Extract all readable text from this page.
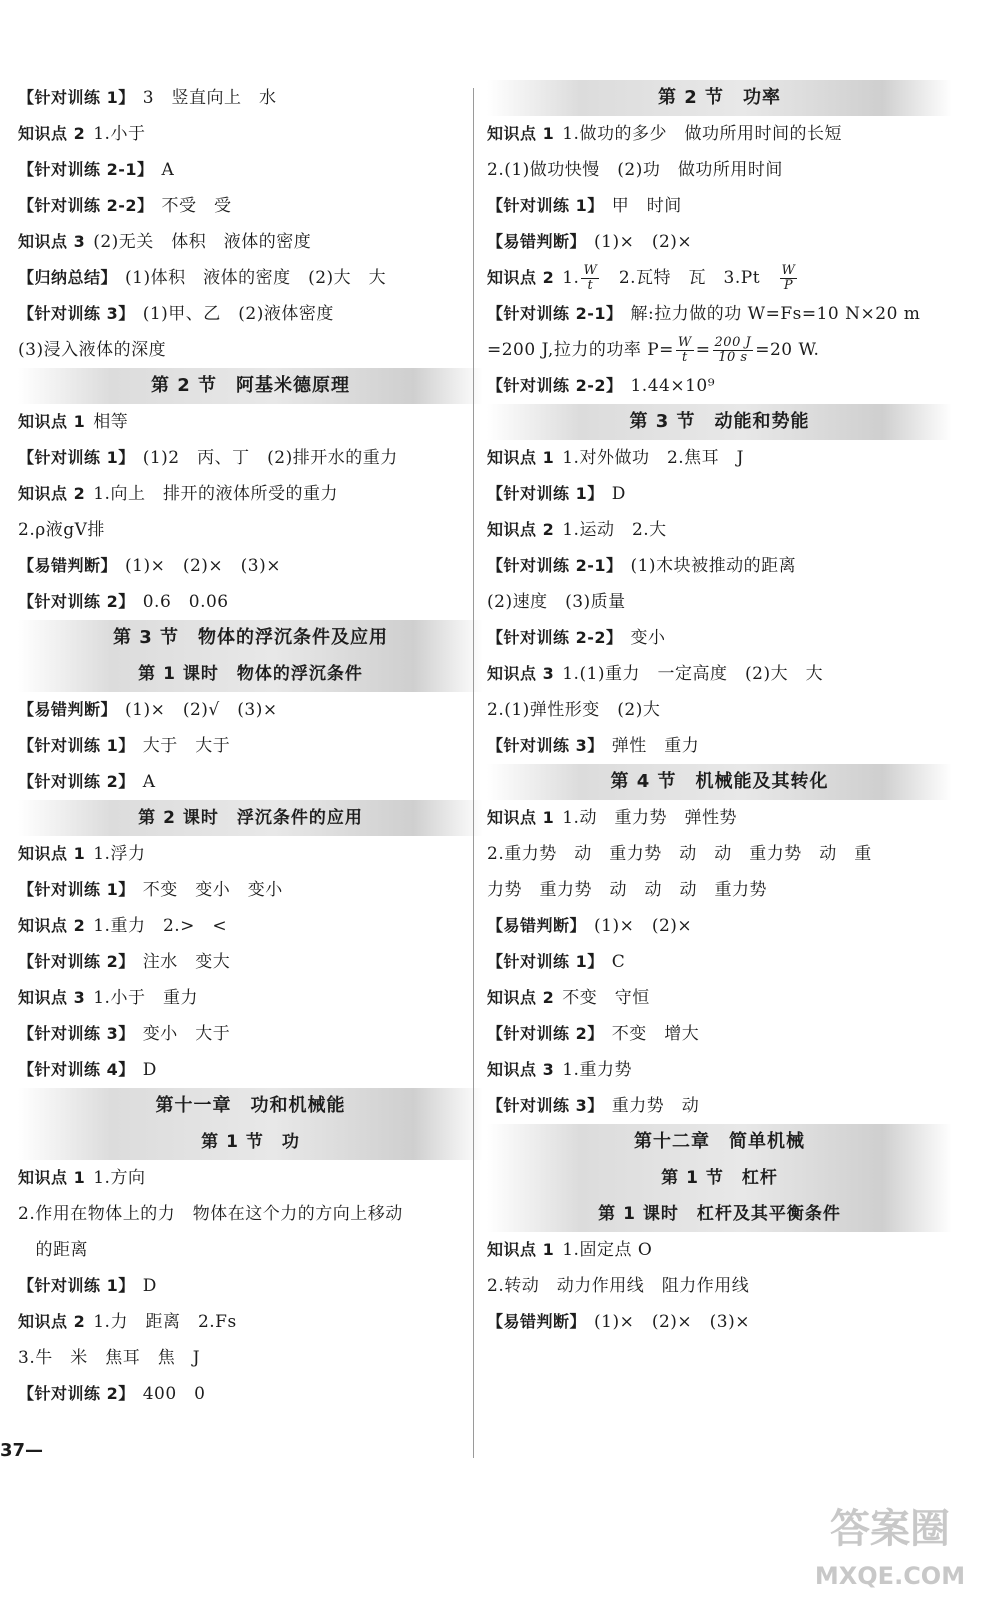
【针对训练 1】 3　竖直向上　水
知识点 2 1.小于
【针对训练 2-1】 A
【针对训练 2-2】 不受　受
知识点 3 (2)无关　体积　液体的密度
【归纳总结】 (1)体积　液体的密度　(2)大　大
【针对训练 3】 (1)甲、乙　(2)液体密度
(3)浸入液体的深度
第 2 节　阿基米德原理
知识点 1 相等
【针对训练 1】 (1)2　丙、丁　(2)排开水的重力
知识点 2 1.向上　排开的液体所受的重力
2.ρ液gV排
【易错判断】 (1)×　(2)×　(3)×
【针对训练 2】 0.6　0.06
第 3 节　物体的浮沉条件及应用
第 1 课时　物体的浮沉条件
【易错判断】 (1)×　(2)√　(3)×
【针对训练 1】 大于　大于
【针对训练 2】 A
第 2 课时　浮沉条件的应用
知识点 1 1.浮力
【针对训练 1】 不变　变小　变小
知识点 2 1.重力　2.>　<
【针对训练 2】 注水　变大
知识点 3 1.小于　重力
【针对训练 3】 变小　大于
【针对训练 4】 D
第十一章　功和机械能
第 1 节　功
知识点 1 1.方向
2.作用在物体上的力　物体在这个力的方向上移动
　的距离
【针对训练 1】 D
知识点 2 1.力　距离　2.Fs
3.牛　米　焦耳　焦　J
【针对训练 2】 400　0
第 2 节　功率
知识点 1 1.做功的多少　做功所用时间的长短
2.(1)做功快慢　(2)功　做功所用时间
【针对训练 1】 甲　时间
【易错判断】 (1)×　(2)×
知识点 2 1. $\frac{W}{t}$ 　2.瓦特　瓦　3.Pt　 $\frac{W}{P}$
【针对训练 2-1】 解:拉力做的功 W=Fs=10 N×20 m
=200 J,拉力的功率 $P= \frac{W}{t} = \frac{200 J}{10 s} =20$ W.
【针对训练 2-2】 1.44×10⁹
第 3 节　动能和势能
知识点 1 1.对外做功　2.焦耳　J
【针对训练 1】 D
知识点 2 1.运动　2.大
【针对训练 2-1】 (1)木块被推动的距离
(2)速度　(3)质量
【针对训练 2-2】 变小
知识点 3 1.(1)重力　一定高度　(2)大　大
2.(1)弹性形变　(2)大
【针对训练 3】 弹性　重力
第 4 节　机械能及其转化
知识点 1 1.动　重力势　弹性势
2.重力势　动　重力势　动　动　重力势　动　重
力势　重力势　动　动　动　重力势
【易错判断】 (1)×　(2)×
【针对训练 1】 C
知识点 2 不变　守恒
【针对训练 2】 不变　增大
知识点 3 1.重力势
【针对训练 3】 重力势　动
第十二章　简单机械
第 1 节　杠杆
第 1 课时　杠杆及其平衡条件
知识点 1 1.固定点 O
2.转动　动力作用线　阻力作用线
【易错判断】 (1)×　(2)×　(3)×
37—
答案圈
MXQE.COM
